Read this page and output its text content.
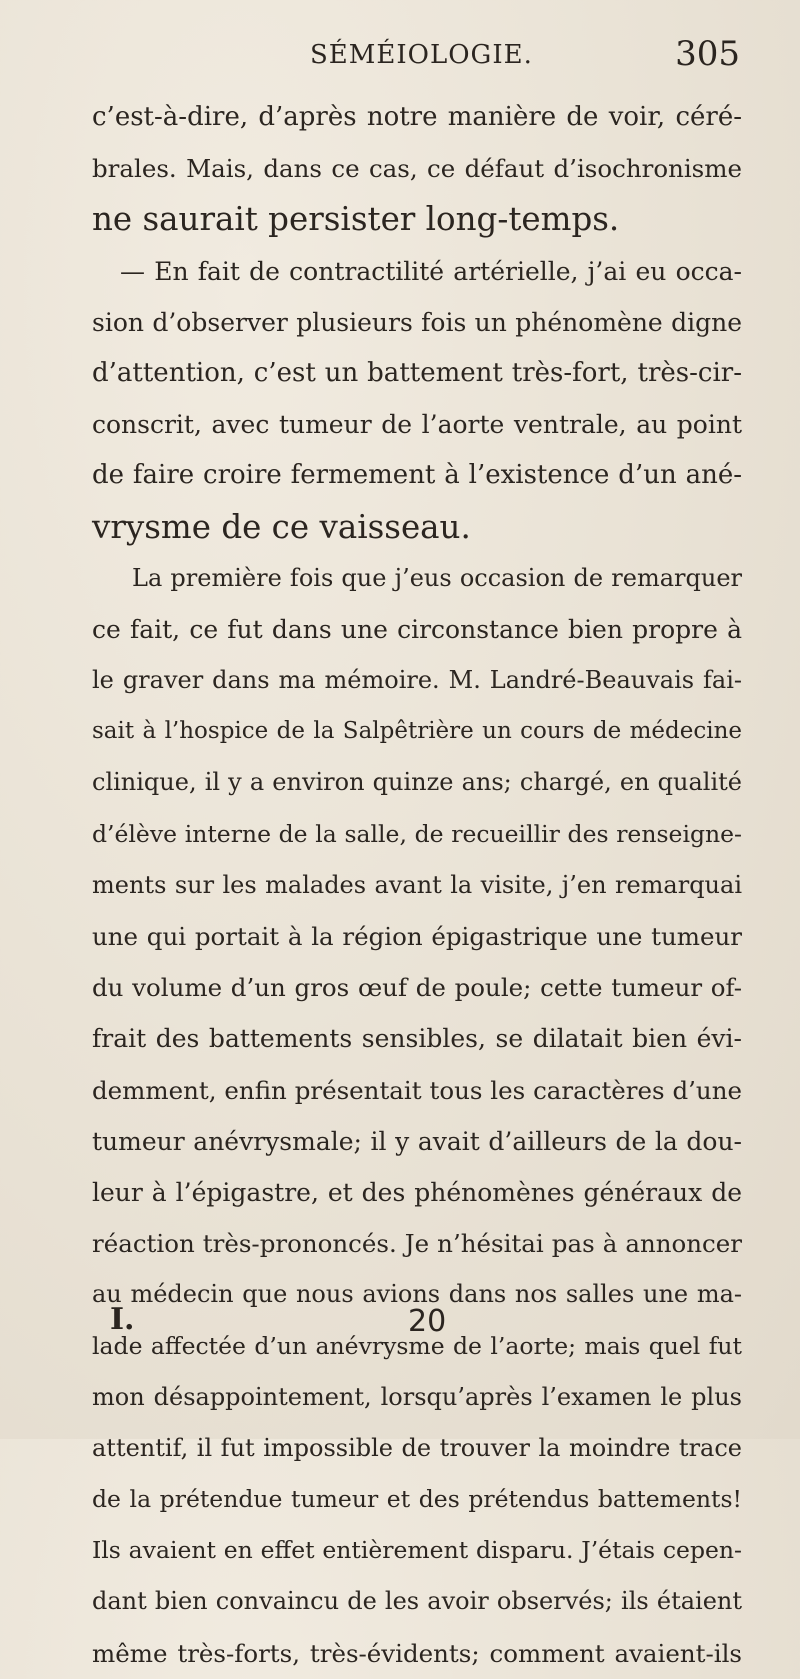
SÉMÉIOLOGIE.	305
c’est-à-dire, d’après notre manière de voir, céré-
brales. Mais, dans ce cas, ce défaut d’isochronisme
ne saurait persister long-temps.
— En fait de contractilité artérielle, j’ai eu occa-
sion d’observer plusieurs fois un phénomène digne
d’attention, c’est un battement très-fort, très-cir-
conscrit, avec tumeur de l’aorte ventrale, au point
de faire croire fermement à l’existence d’un ané-
vrysme de ce vaisseau.
La première fois que j’eus occasion de remarquer
ce fait, ce fut dans une circonstance bien propre à
le graver dans ma mémoire. M. Landré-Beauvais fai-
sait à l’hospice de la Salpêtrière un cours de médecine
clinique, il y a environ quinze ans; chargé, en qualité
d’élève interne de la salle, de recueillir des renseigne-
ments sur les malades avant la visite, j’en remarquai
une qui portait à la région épigastrique une tumeur
du volume d’un gros œuf de poule; cette tumeur of-
frait des battements sensibles, se dilatait bien évi-
demment, enfin présentait tous les caractères d’une
tumeur anévrysmale; il y avait d’ailleurs de la dou-
leur à l’épigastre, et des phénomènes généraux de
réaction très-prononcés. Je n’hésitai pas à annoncer
au médecin que nous avions dans nos salles une ma-
lade affectée d’un anévrysme de l’aorte; mais quel fut
mon désappointement, lorsqu’après l’examen le plus
attentif, il fut impossible de trouver la moindre trace
de la prétendue tumeur et des prétendus battements!
Ils avaient en effet entièrement disparu. J’étais cepen-
dant bien convaincu de les avoir observés; ils étaient
même très-forts, très-évidents; comment avaient-ils
I.	20
